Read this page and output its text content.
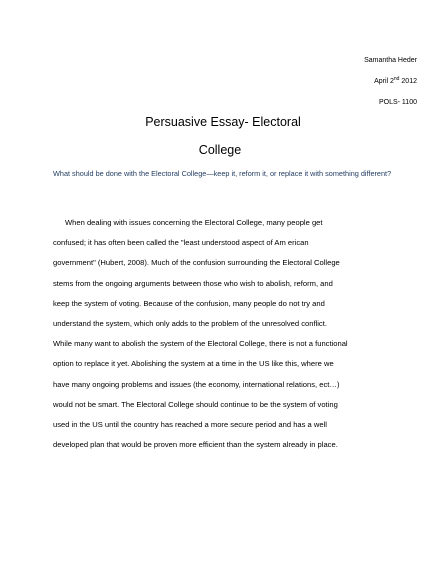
Samantha Heder
April 2nd 2012
POLS- 1100
Persuasive Essay- Electoral
College
What should be done with the Electoral College—keep it, reform it, or replace it with something different?
When dealing with issues concerning the Electoral College, many people get
confused; it has often been called the "least understood aspect of Am erican
government" (Hubert, 2008). Much of the confusion surrounding the Electoral College
stems from the ongoing arguments between those who wish to abolish, reform, and
keep the system of voting. Because of the confusion, many people do not try and
understand the system, which only adds to the problem of the unresolved conflict.
While many want to abolish the system of the Electoral College, there is not a functional
option to replace it yet. Abolishing the system at a time in the US like this, where we
have many ongoing problems and issues (the economy, international relations, ect…)
would not be smart. The Electoral College should continue to be the system of voting
used in the US until the country has reached a more secure period and has a well
developed plan that would be proven more efficient than the system already in place.
